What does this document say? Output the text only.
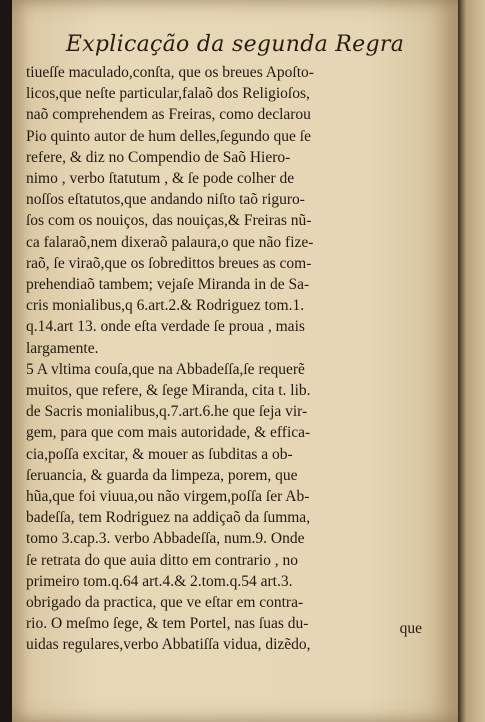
Explicação da segunda Regra
tiueſſe maculado,conſta, que os breues Apoſto-
licos,que neſte particular,falaõ dos Religioſos,
naõ comprehendem as Freiras, como declarou
Pio quinto autor de hum delles,ſegundo que ſe
refere, & diz no Compendio de Saõ Hiero-
nimo , verbo ſtatutum , & ſe pode colher de
noſſos eſtatutos,que andando niſto taõ riguro-
ſos com os nouiços, das nouiças,& Freiras nũ-
ca falaraõ,nem dixeraõ palaura,o que não fize-
raõ, ſe viraõ,que os ſobredittos breues as com-
prehendiaõ tambem; vejaſe Miranda in de Sa-
cris monialibus,q 6.art.2.& Rodriguez tom.1.
q.14.art 13. onde eſta verdade ſe proua , mais
largamente.
5 A vltima couſa,que na Abbadeſſa,ſe requerẽ
muitos, que refere, & ſege Miranda, cita t. lib.
de Sacris monialibus,q.7.art.6.he que ſeja vir-
gem, para que com mais autoridade, & effica-
cia,poſſa excitar, & mouer as ſubditas a ob-
ſeruancia, & guarda da limpeza, porem, que
hũa,que foi viuua,ou não virgem,poſſa ſer Ab-
badeſſa, tem Rodriguez na addiçaõ da ſumma,
tomo 3.cap.3. verbo Abbadeſſa, num.9. Onde
ſe retrata do que auia ditto em contrario , no
primeiro tom.q.64 art.4.& 2.tom.q.54 art.3.
obrigado da practica, que ve eſtar em contra-
rio. O meſmo ſege, & tem Portel, nas ſuas du-
uidas regulares,verbo Abbatiſſa vidua, dizẽdo,
que
